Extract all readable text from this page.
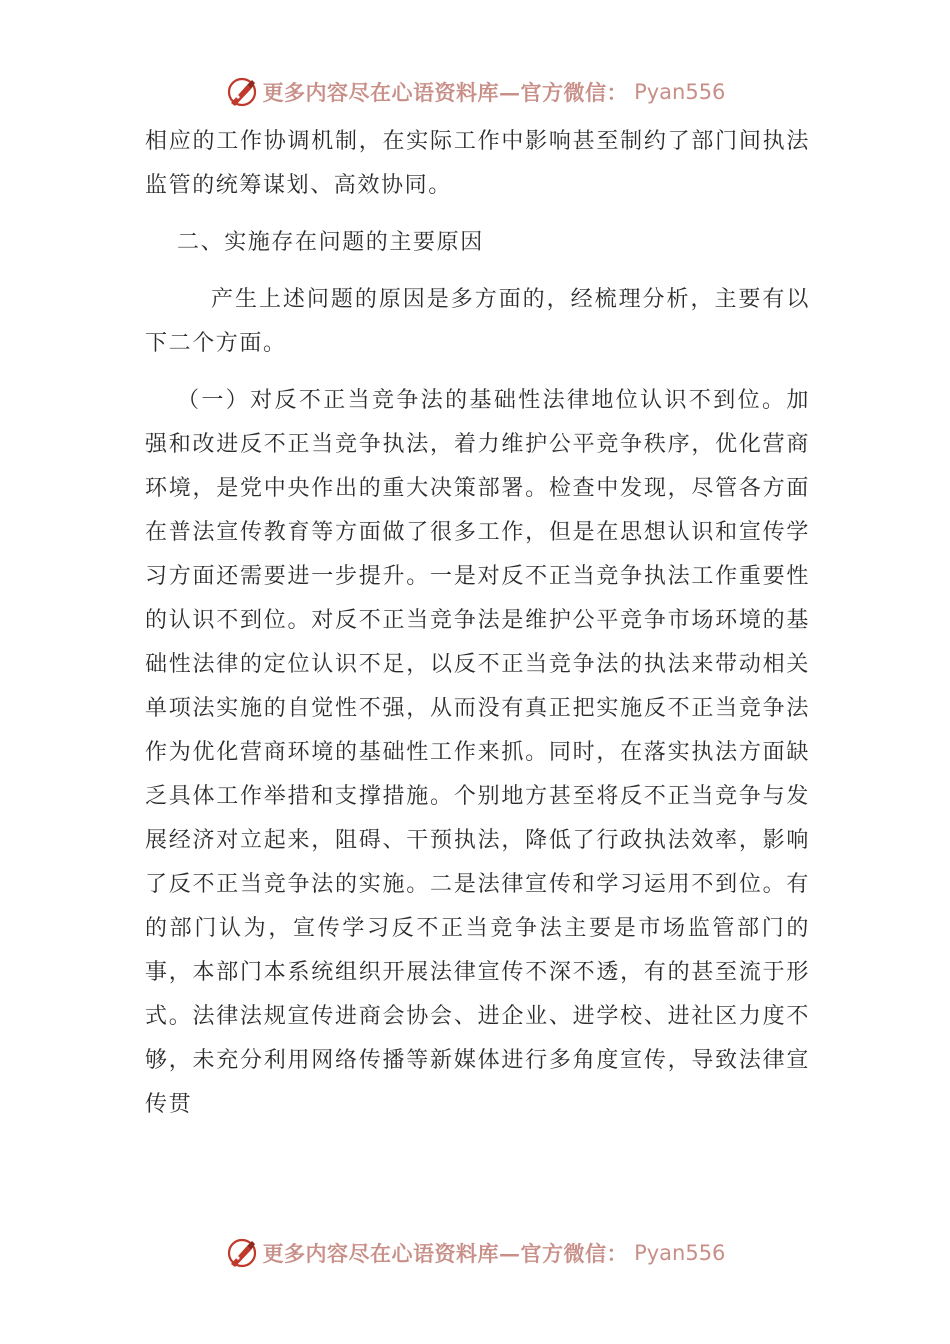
更多内容尽在心语资料库—官方微信： Pyan556

相应的工作协调机制，在实际工作中影响甚至制约了部门间执法监管的统筹谋划、高效协同。

二、实施存在问题的主要原因

产生上述问题的原因是多方面的，经梳理分析，主要有以下二个方面。

（一）对反不正当竞争法的基础性法律地位认识不到位。加强和改进反不正当竞争执法，着力维护公平竞争秩序，优化营商环境，是党中央作出的重大决策部署。检查中发现，尽管各方面在普法宣传教育等方面做了很多工作，但是在思想认识和宣传学习方面还需要进一步提升。一是对反不正当竞争执法工作重要性的认识不到位。对反不正当竞争法是维护公平竞争市场环境的基础性法律的定位认识不足，以反不正当竞争法的执法来带动相关单项法实施的自觉性不强，从而没有真正把实施反不正当竞争法作为优化营商环境的基础性工作来抓。同时，在落实执法方面缺乏具体工作举措和支撑措施。个别地方甚至将反不正当竞争与发展经济对立起来，阻碍、干预执法，降低了行政执法效率，影响了反不正当竞争法的实施。二是法律宣传和学习运用不到位。有的部门认为，宣传学习反不正当竞争法主要是市场监管部门的事，本部门本系统组织开展法律宣传不深不透，有的甚至流于形式。法律法规宣传进商会协会、进企业、进学校、进社区力度不够，未充分利用网络传播等新媒体进行多角度宣传，导致法律宣传贯

更多内容尽在心语资料库—官方微信： Pyan556
